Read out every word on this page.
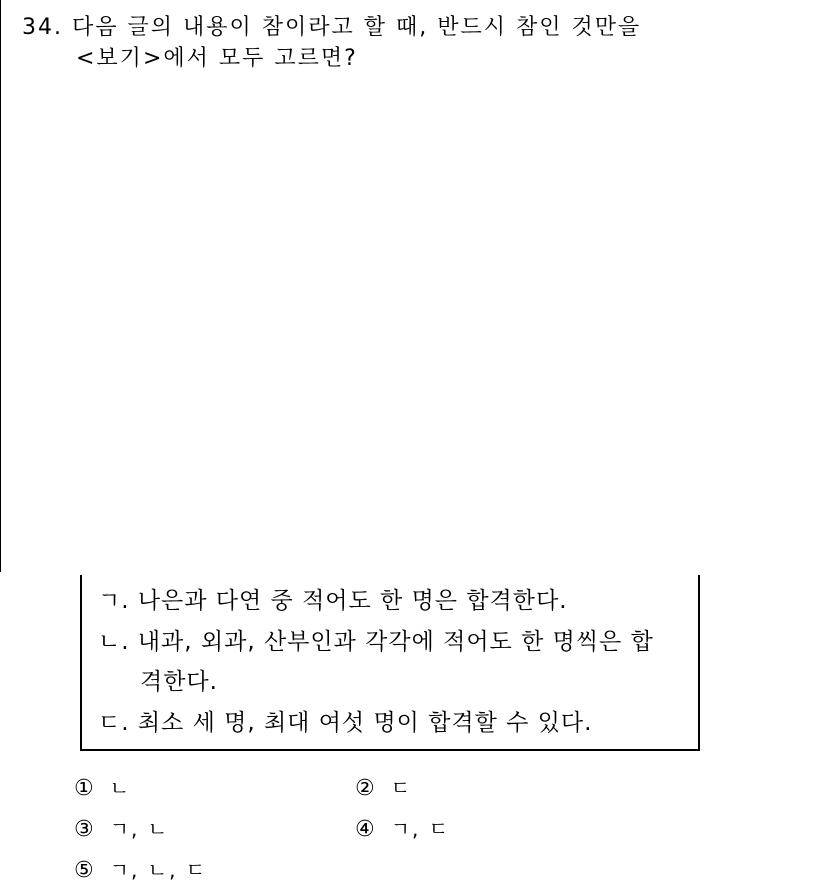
34. 다음 글의 내용이 참이라고 할 때, 반드시 참인 것만을
<보기>에서 모두 고르면?
ㄱ. 나은과 다연 중 적어도 한 명은 합격한다.
ㄴ. 내과, 외과, 산부인과 각각에 적어도 한 명씩은 합
격한다.
ㄷ. 최소 세 명, 최대 여섯 명이 합격할 수 있다.
① ㄴ	② ㄷ
③ ㄱ, ㄴ	④ ㄱ, ㄷ
⑤ ㄱ, ㄴ, ㄷ
